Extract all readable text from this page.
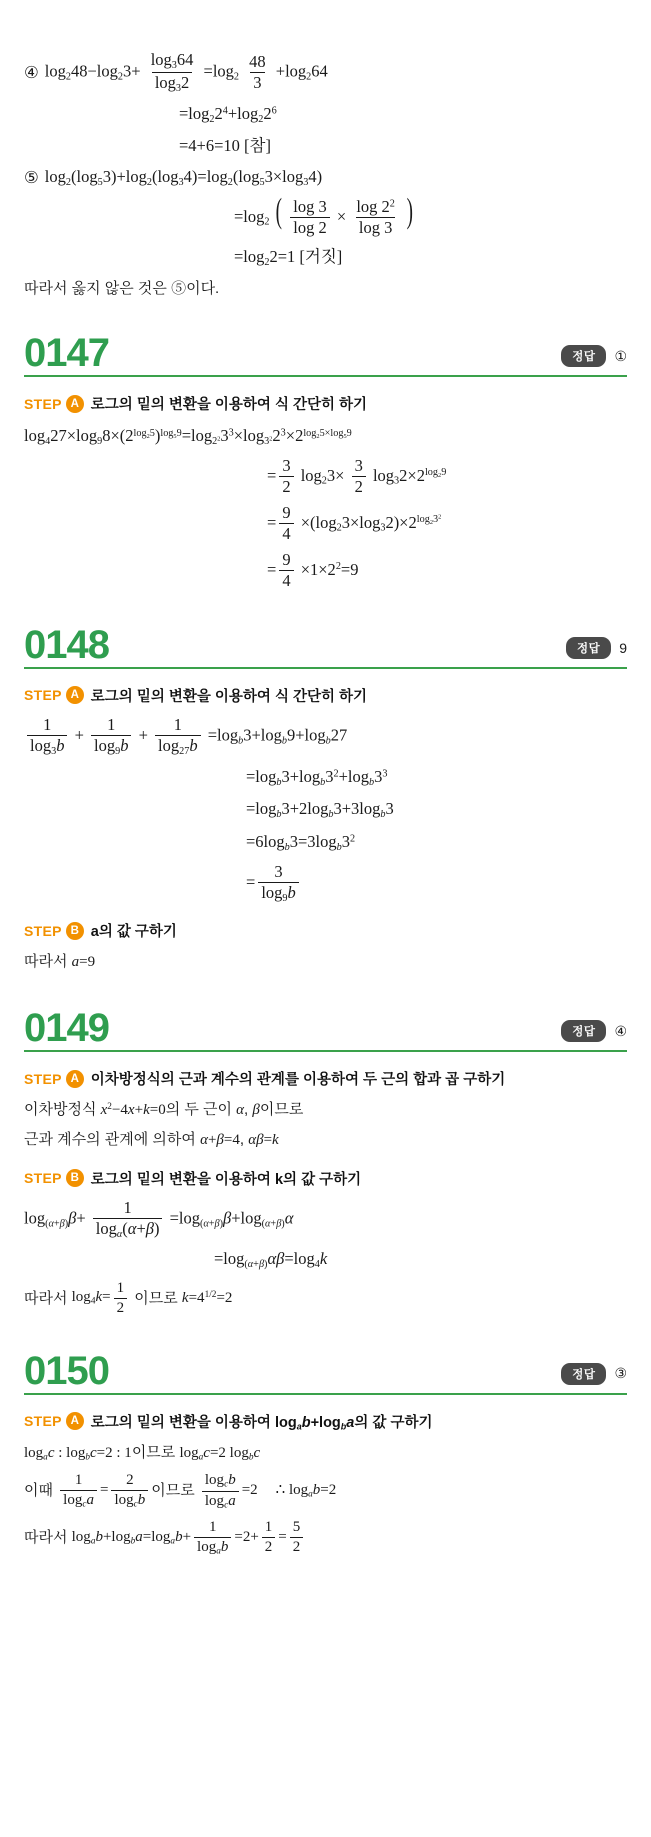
④ $\log_248-\log_23+ \frac{\log_364}{\log_32} =\log_2 \frac{48}{3} +\log_264$
$=\log_22^4+\log_22^6$
=4+6=10 [참]
⑤ $\log_2(\log_53)+\log_2(\log_34)=\log_2(\log_53\times\log_34)$
$=\log_2$ ( $\frac{\log 3}{\log 2} \times \frac{\log 2^2}{\log 3}$ )
$=\log_22=1$ [거짓]
따라서 옳지 않은 것은 ⑤이다.
0147	정답	①
STEP A 로그의 밑의 변환을 이용하여 식 간단히 하기
$\log_427\times\log_98\times(2^{log_25})^{log_59}=\log_{2^2}3^3\times\log_{3^2}2^3\times 2^{log_25\times log_59}$
= $\frac{3}{2} \log_23\times \frac{3}{2} \log_32\times 2^{log_29}$
= $\frac{9}{4} \times(\log_23\times\log_32)\times 2^{log_23^2}$
= $\frac{9}{4} \times 1\times 2^2=9$
0148	정답	9
STEP A 로그의 밑의 변환을 이용하여 식 간단히 하기
$\frac{1}{\log_3b} + \frac{1}{\log_9b} + \frac{1}{\log_{27}b} =\log_b3+\log_b9+\log_b27$
$=\log_b3+\log_b3^2+\log_b3^3$
$=\log_b3+2\log_b3+3\log_b3$
$=6\log_b3=3\log_b3^2$
= $\frac{3}{\log_9b}$
STEP B a의 값 구하기
따라서 a=9
0149	정답	④
STEP A 이차방정식의 근과 계수의 관계를 이용하여 두 근의 합과 곱 구하기
이차방정식 $x^2-4x+k=0$의 두 근이 α, β이므로
근과 계수의 관계에 의하여 α+β=4, αβ=k
STEP B 로그의 밑의 변환을 이용하여 k의 값 구하기
$\log_{(\alpha+\beta)}\beta+ \frac{1}{\log_\alpha(\alpha+\beta)} =\log_{(\alpha+\beta)}\beta+\log_{(\alpha+\beta)}\alpha$
$=\log_{(\alpha+\beta)}\alpha\beta=\log_4k$
따라서 $\log_4k= \frac{1}{2}$ 이므로 $k=4^{1/2}=2$
0150	정답	③
STEP A 로그의 밑의 변환을 이용하여 $\log_ab+\log_ba$의 값 구하기
$\log_ac$ : $\log_bc=2$ : 1이므로 $\log_ac=2$ $\log_bc$
이때 $\frac{1}{\log_ca} = \frac{2}{\log_cb}$ 이므로 $\frac{\log_cb}{\log_ca} =2$ ∴ $\log_ab=2$
따라서 $\log_ab+\log_ba=\log_ab+ \frac{1}{\log_ab} =2+ \frac{1}{2} = \frac{5}{2}$
